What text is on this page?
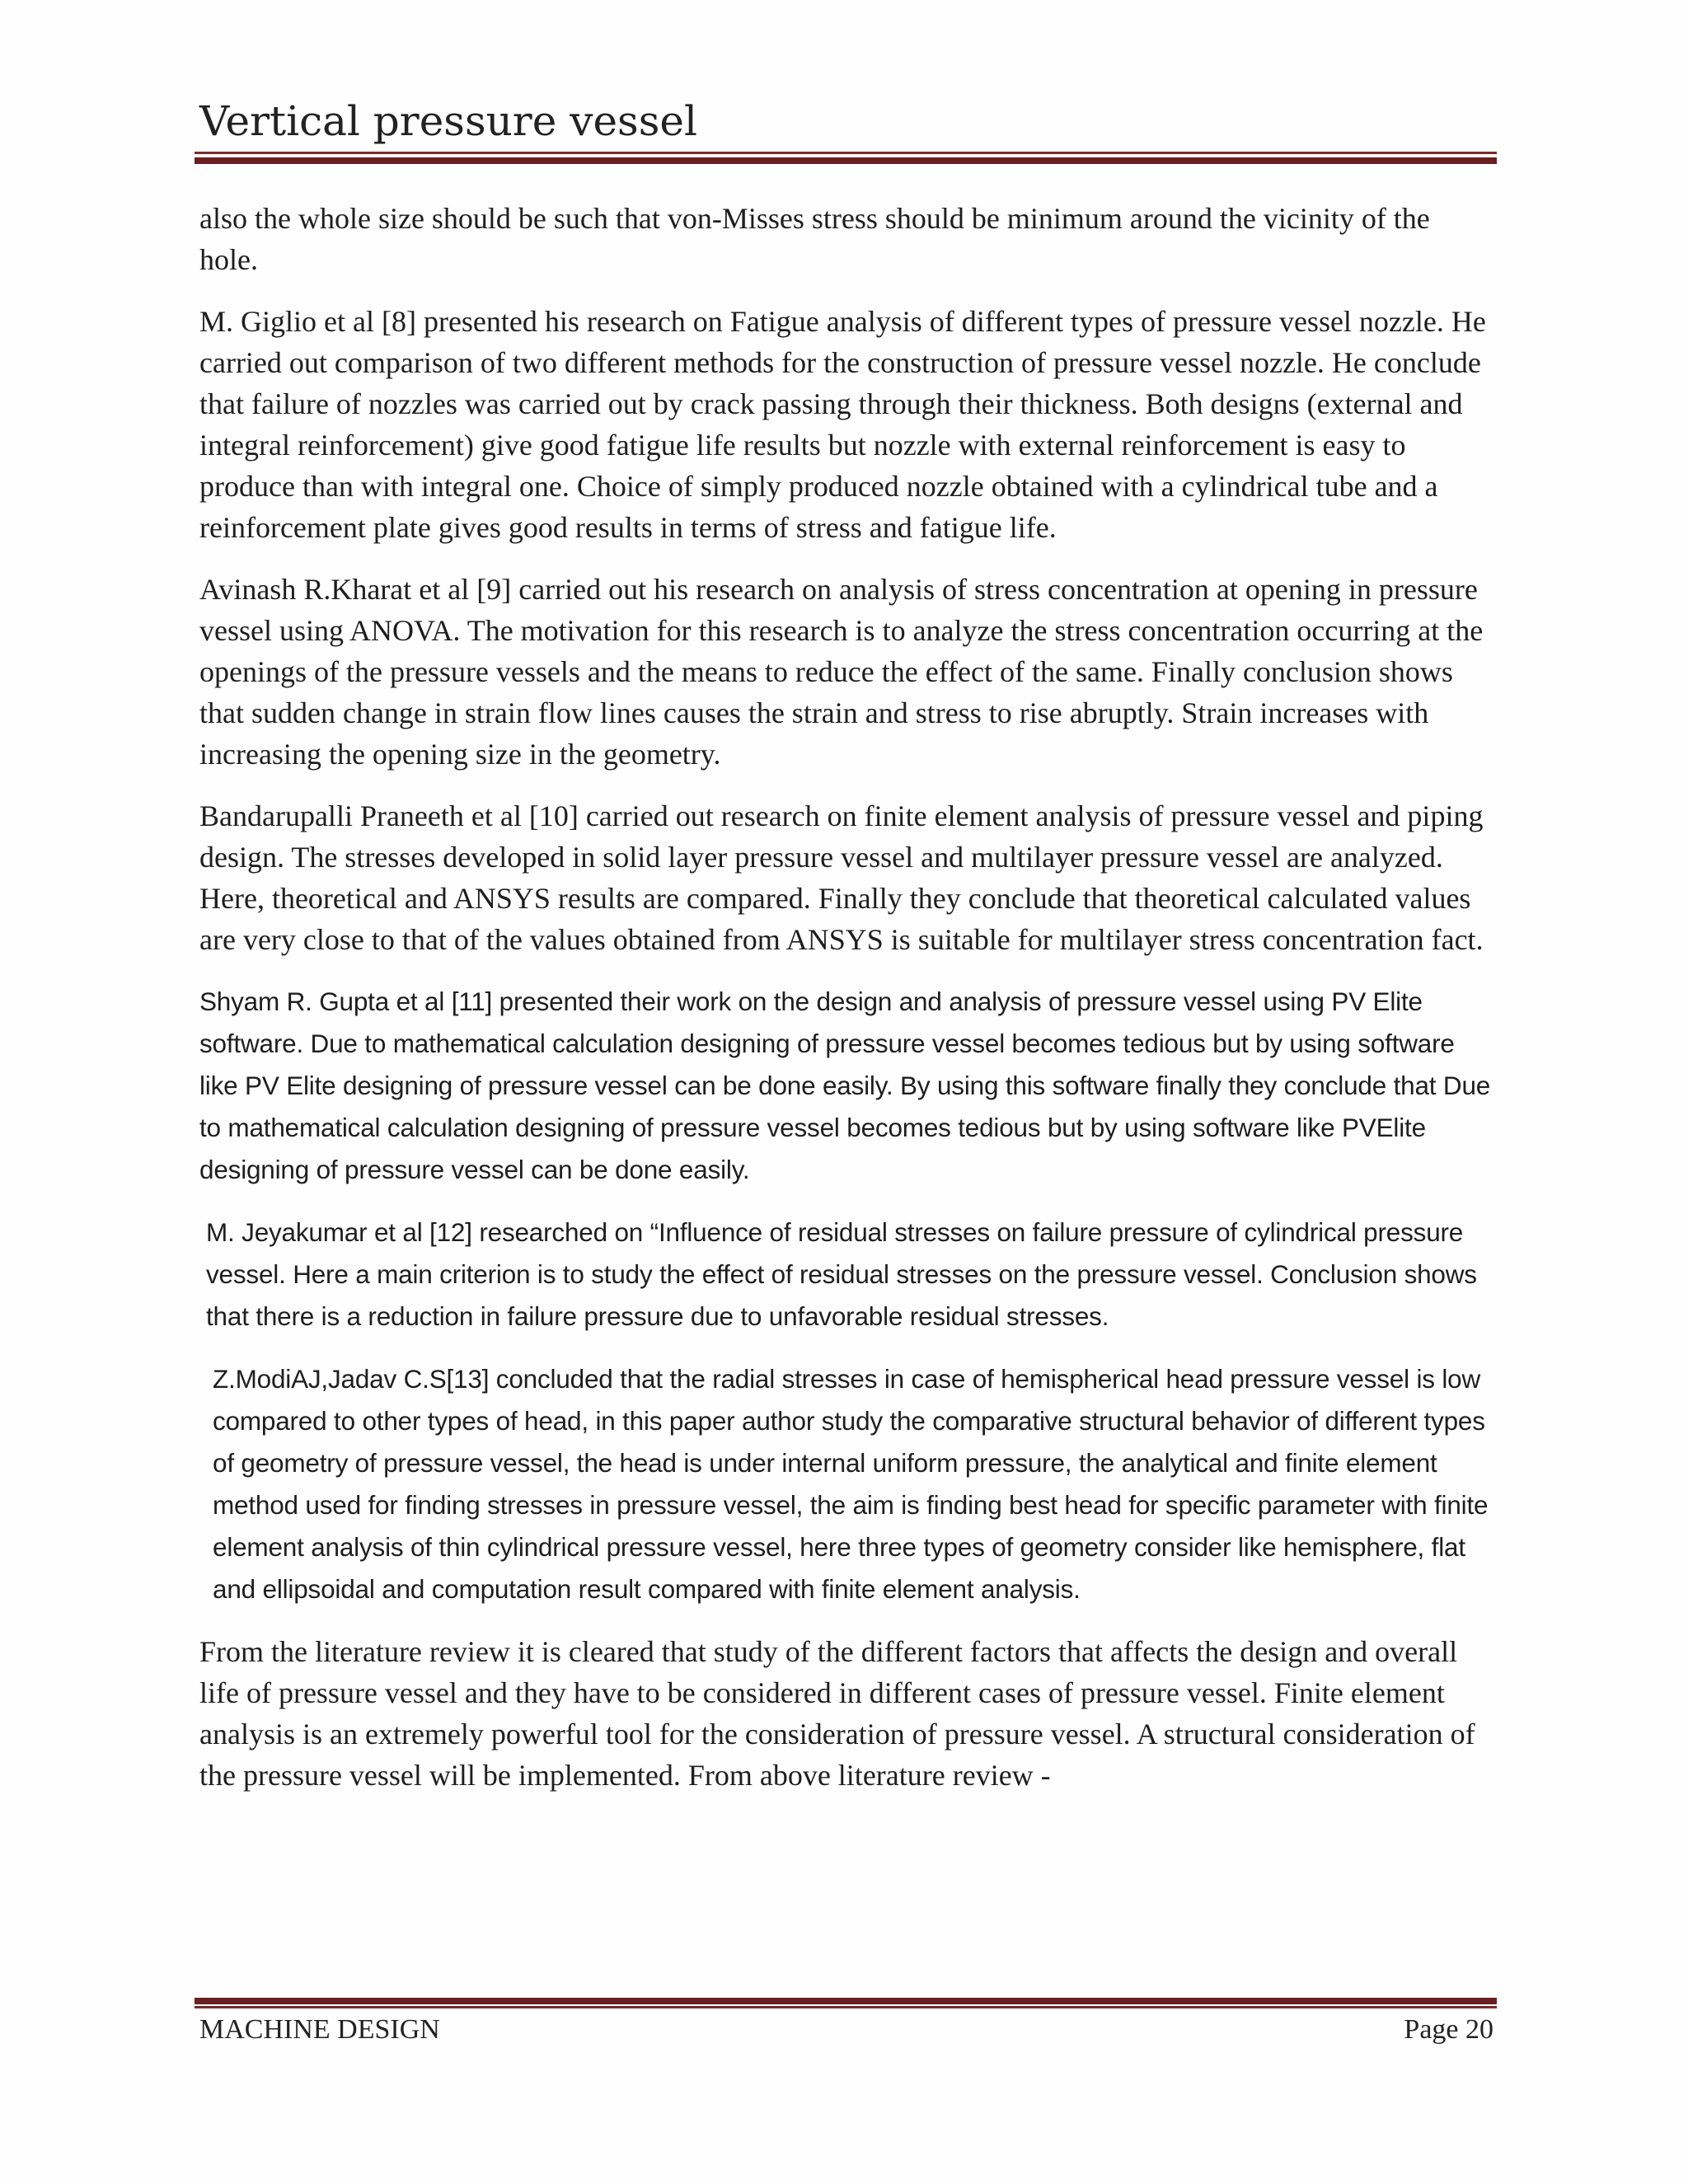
Vertical pressure vessel

also the whole size should be such that von-Misses stress should be minimum around the vicinity of the hole.

M. Giglio et al [8] presented his research on Fatigue analysis of different types of pressure vessel nozzle. He carried out comparison of two different methods for the construction of pressure vessel nozzle. He conclude that failure of nozzles was carried out by crack passing through their thickness. Both designs (external and integral reinforcement) give good fatigue life results but nozzle with external reinforcement is easy to produce than with integral one. Choice of simply produced nozzle obtained with a cylindrical tube and a reinforcement plate gives good results in terms of stress and fatigue life.

Avinash R.Kharat et al [9] carried out his research on analysis of stress concentration at opening in pressure vessel using ANOVA. The motivation for this research is to analyze the stress concentration occurring at the openings of the pressure vessels and the means to reduce the effect of the same. Finally conclusion shows that sudden change in strain flow lines causes the strain and stress to rise abruptly. Strain increases with increasing the opening size in the geometry.

Bandarupalli Praneeth et al [10] carried out research on finite element analysis of pressure vessel and piping design. The stresses developed in solid layer pressure vessel and multilayer pressure vessel are analyzed. Here, theoretical and ANSYS results are compared. Finally they conclude that theoretical calculated values are very close to that of the values obtained from ANSYS is suitable for multilayer stress concentration fact.

Shyam R. Gupta et al [11] presented their work on the design and analysis of pressure vessel using PV Elite software. Due to mathematical calculation designing of pressure vessel becomes tedious but by using software like PV Elite designing of pressure vessel can be done easily. By using this software finally they conclude that Due to mathematical calculation designing of pressure vessel becomes tedious but by using software like PVElite designing of pressure vessel can be done easily.

M. Jeyakumar et al [12] researched on “Influence of residual stresses on failure pressure of cylindrical pressure vessel. Here a main criterion is to study the effect of residual stresses on the pressure vessel. Conclusion shows that there is a reduction in failure pressure due to unfavorable residual stresses.

Z.ModiAJ,Jadav C.S[13] concluded that the radial stresses in case of hemispherical head pressure vessel is low compared to other types of head, in this paper author study the comparative structural behavior of different types of geometry of pressure vessel, the head is under internal uniform pressure, the analytical and finite element method used for finding stresses in pressure vessel, the aim is finding best head for specific parameter with finite element analysis of thin cylindrical pressure vessel, here three types of geometry consider like hemisphere, flat and ellipsoidal and computation result compared with finite element analysis.

From the literature review it is cleared that study of the different factors that affects the design and overall life of pressure vessel and they have to be considered in different cases of pressure vessel. Finite element analysis is an extremely powerful tool for the consideration of pressure vessel. A structural consideration of the pressure vessel will be implemented. From above literature review -

MACHINE DESIGN	Page 20
